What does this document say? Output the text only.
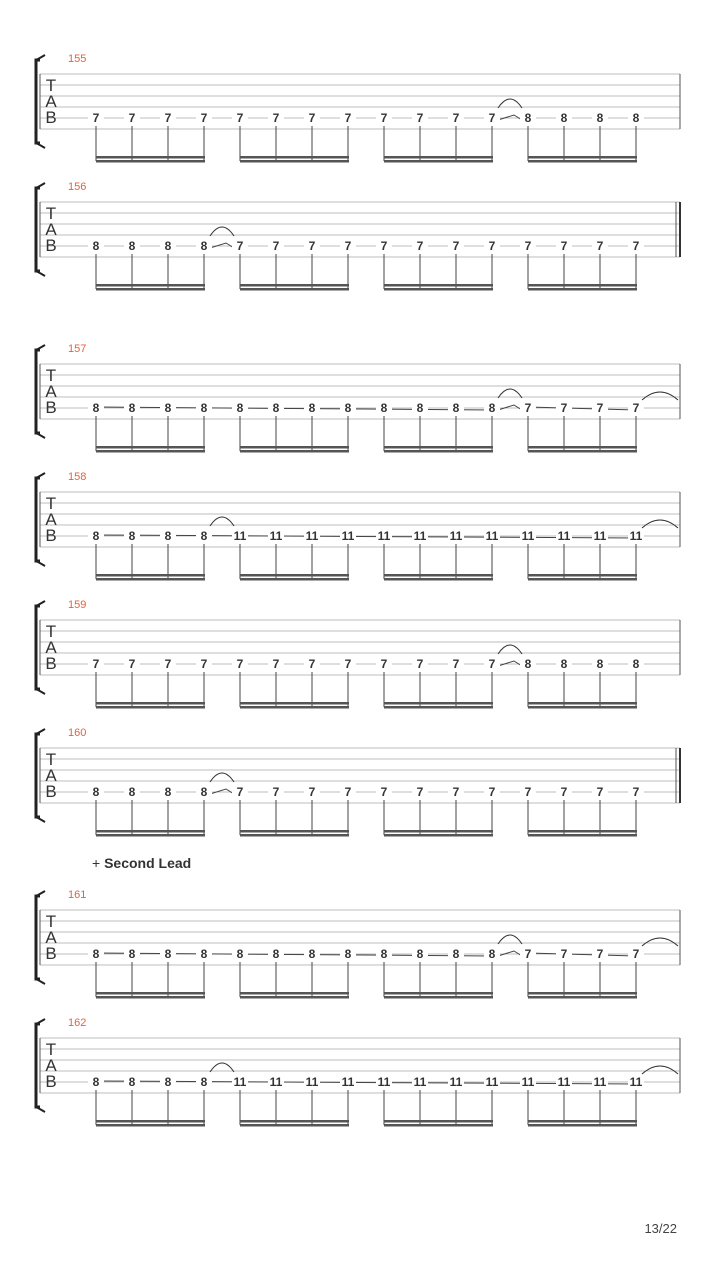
155
T
A
B	7 7 7 7 7 7 7 7 7 7 7 7 8 8 8 8
156
T
A
B	8 8 8 8 7 7 7 7 7 7 7 7 7 7 7 7
157
T
A
B	8 8 8 8 8 8 8 8 8 8 8 8 7 7 7 7
158
T
A
B	8 8 8 8 11 11 11 11 11 11 11 11 11 11 11 11
159
T
A
B	7 7 7 7 7 7 7 7 7 7 7 7 8 8 8 8
160
T
A
B	8 8 8 8 7 7 7 7 7 7 7 7 7 7 7 7
161
T
A
B	8 8 8 8 8 8 8 8 8 8 8 8 7 7 7 7
162
T
A
B	8 8 8 8 11 11 11 11 11 11 11 11 11 11 11 11
+ Second Lead
13/22
